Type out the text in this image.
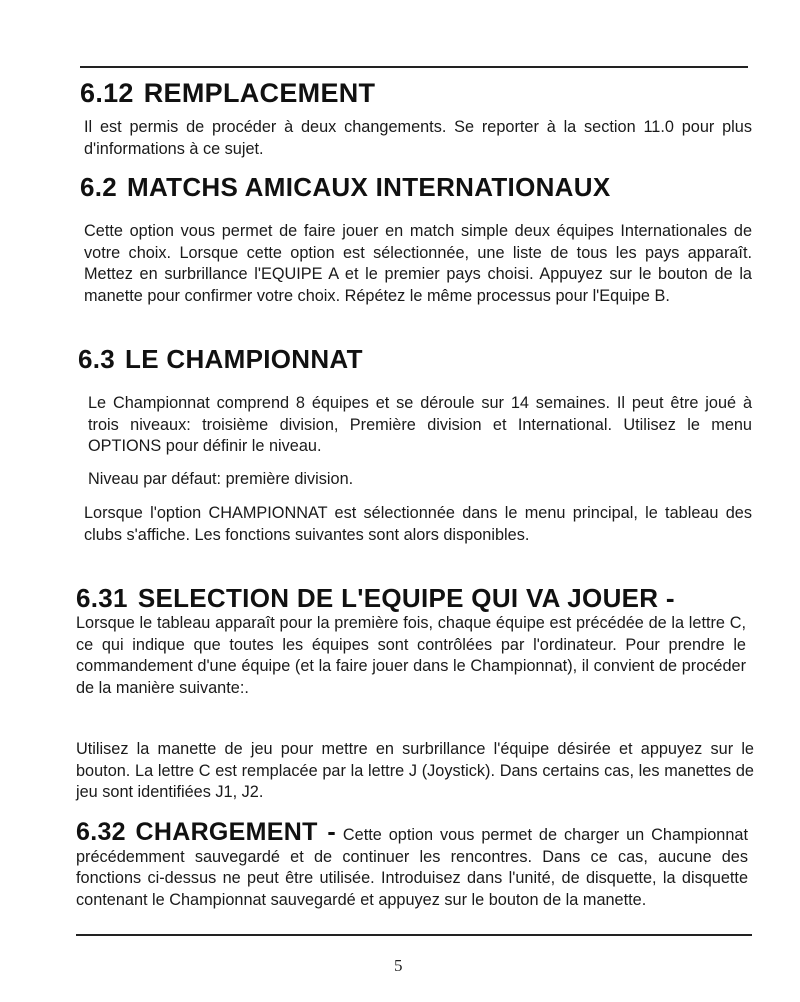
6.12 REMPLACEMENT

Il est permis de procéder à deux changements. Se reporter à la section 11.0 pour plus d'informations à ce sujet.

6.2 MATCHS AMICAUX INTERNATIONAUX

Cette option vous permet de faire jouer en match simple deux équipes Internationales de votre choix. Lorsque cette option est sélectionnée, une liste de tous les pays apparaît. Mettez en surbrillance l'EQUIPE A et le premier pays choisi. Appuyez sur le bouton de la manette pour confirmer votre choix. Répétez le même processus pour l'Equipe B.

6.3 LE CHAMPIONNAT

Le Championnat comprend 8 équipes et se déroule sur 14 semaines. Il peut être joué à trois niveaux: troisième division, Première division et International. Utilisez le menu OPTIONS pour définir le niveau.

Niveau par défaut: première division.

Lorsque l'option CHAMPIONNAT est sélectionnée dans le menu principal, le tableau des clubs s'affiche. Les fonctions suivantes sont alors disponibles.

6.31 SELECTION DE L'EQUIPE QUI VA JOUER -

Lorsque le tableau apparaît pour la première fois, chaque équipe est précédée de la lettre C, ce qui indique que toutes les équipes sont contrôlées par l'ordinateur. Pour prendre le commandement d'une équipe (et la faire jouer dans le Championnat), il convient de procéder de la manière suivante:.

Utilisez la manette de jeu pour mettre en surbrillance l'équipe désirée et appuyez sur le bouton. La lettre C est remplacée par la lettre J (Joystick). Dans certains cas, les manettes de jeu sont identifiées J1, J2.

6.32 CHARGEMENT - Cette option vous permet de charger un Championnat précédemment sauvegardé et de continuer les rencontres. Dans ce cas, aucune des fonctions ci-dessus ne peut être utilisée. Introduisez dans l'unité, de disquette, la disquette contenant le Championnat sauvegardé et appuyez sur le bouton de la manette.

5
